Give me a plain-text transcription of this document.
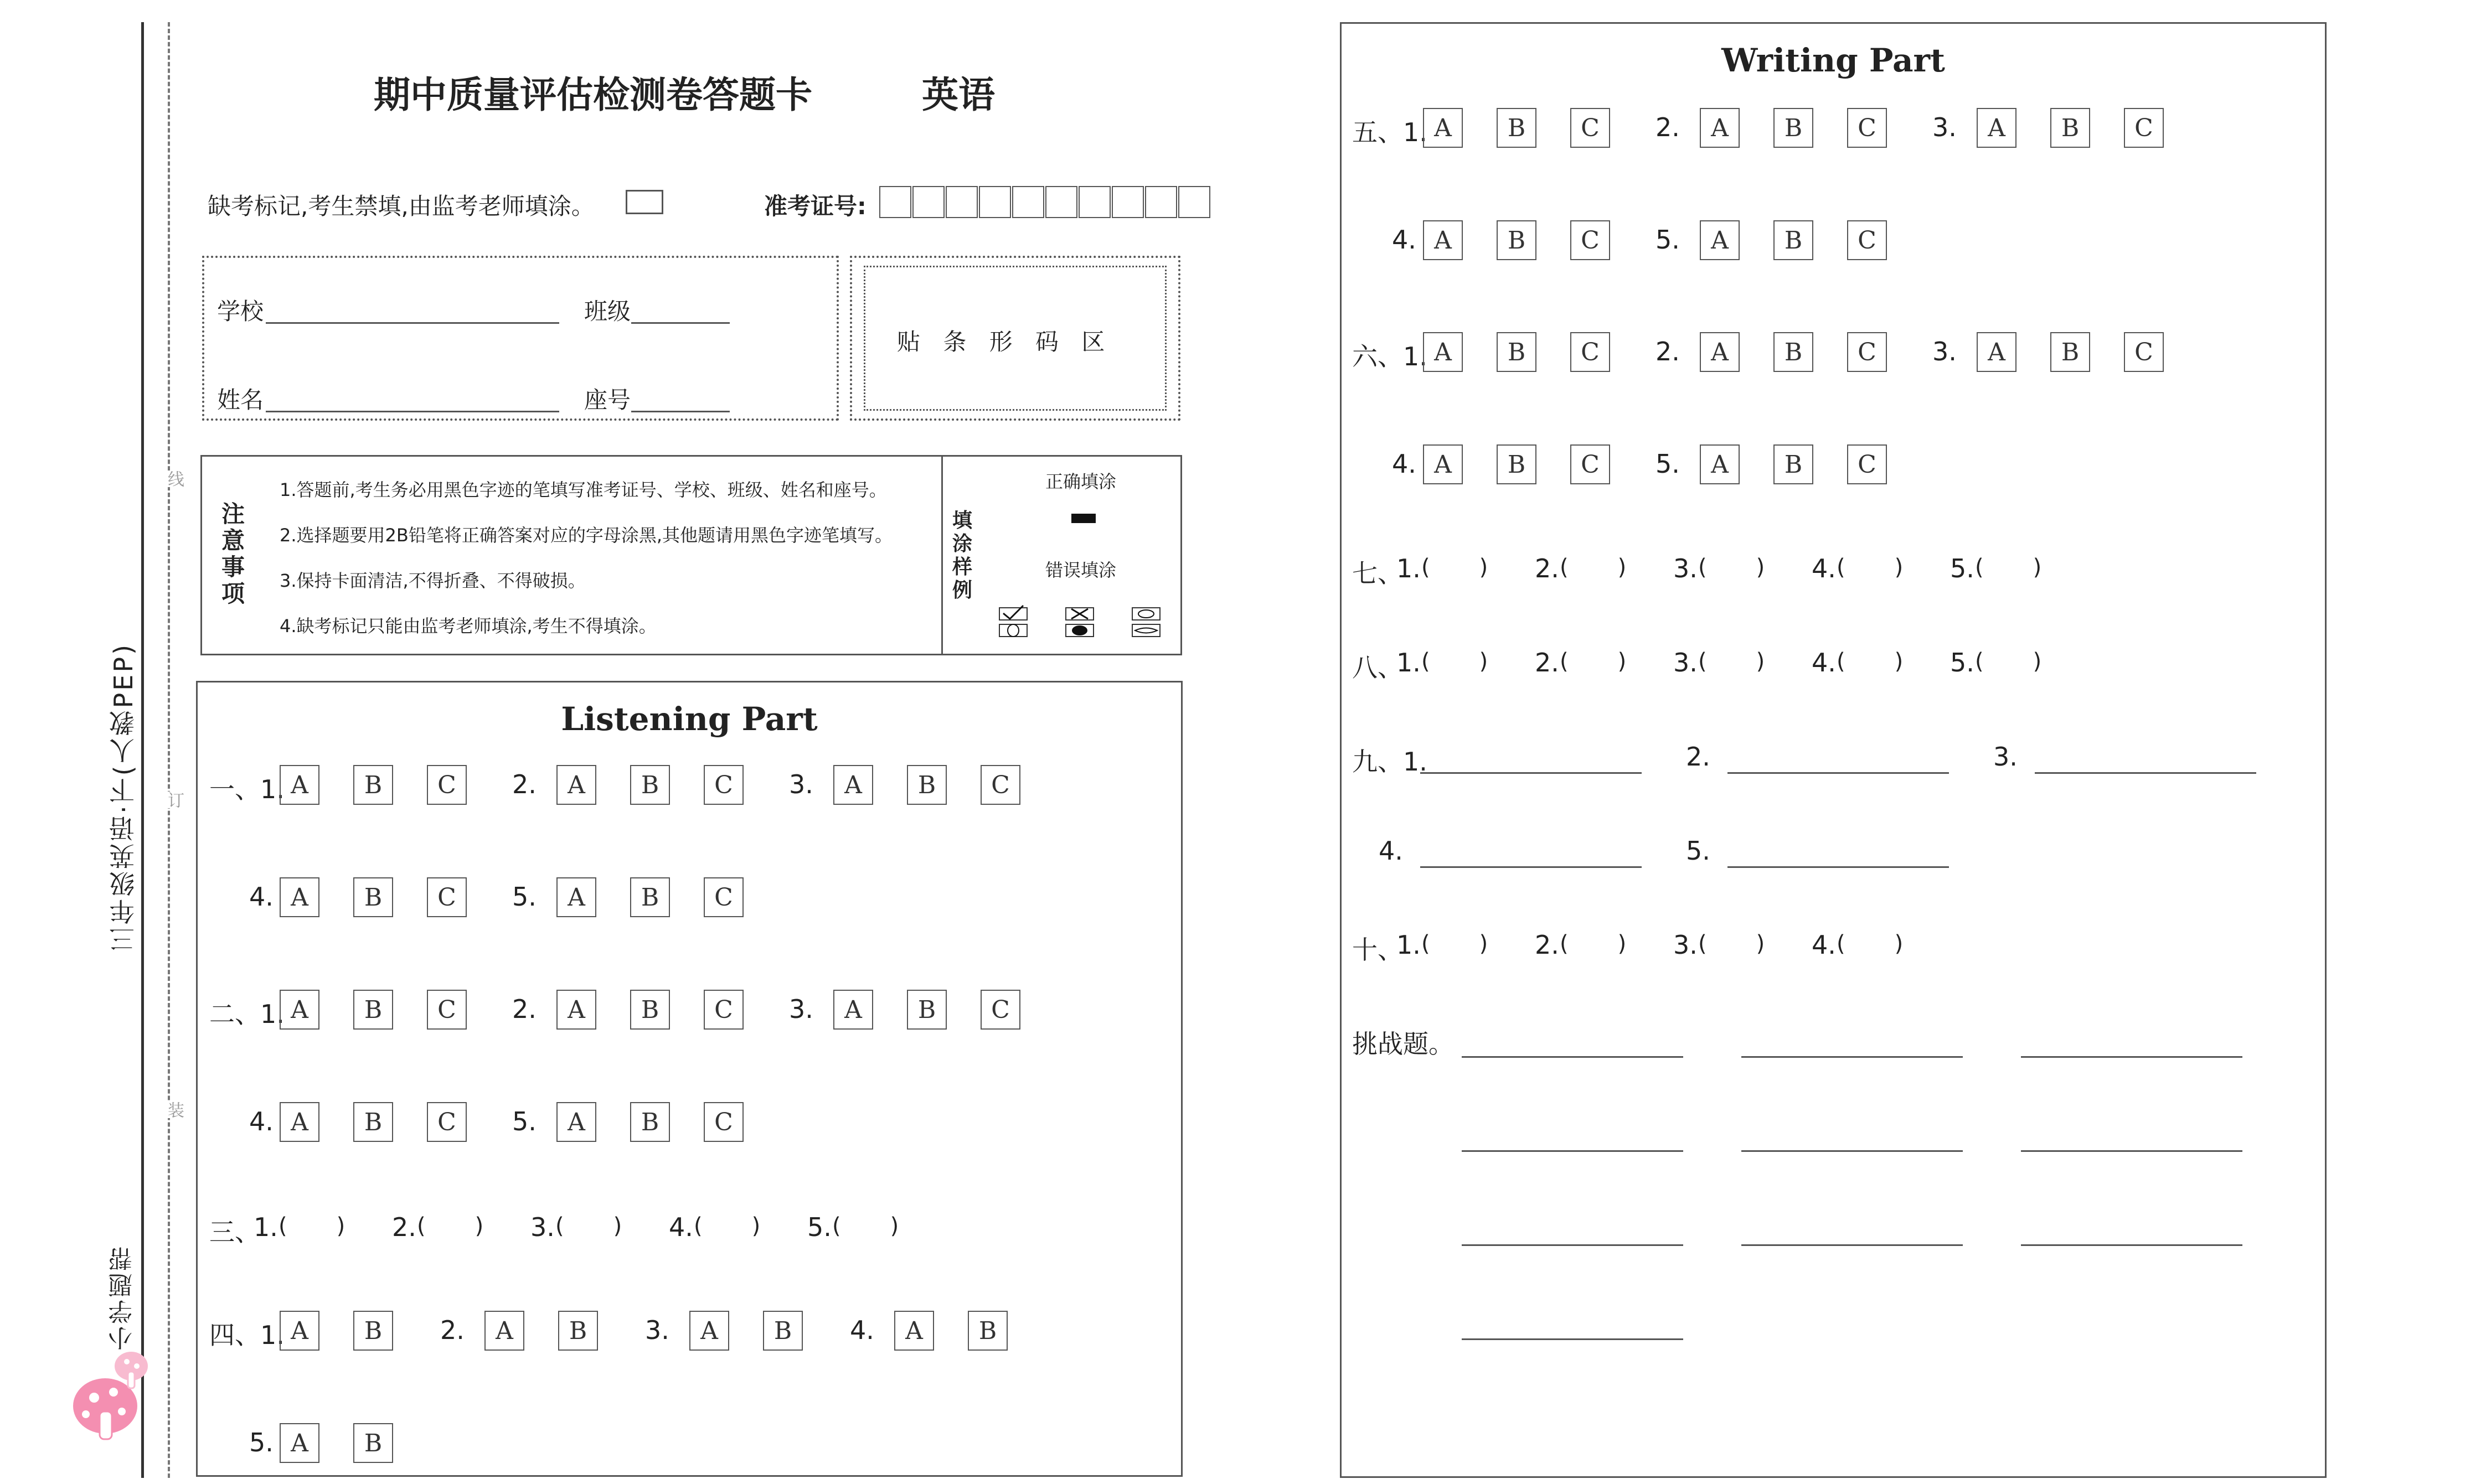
线
订
装
三年级英语·下(人教PEP)
小学题帮
期中质量评估检测卷答题卡	英语
缺考标记,考生禁填,由监考老师填涂。	准考证号:
学校	班级
姓名	座号
贴 条 形 码 区
注意事项
1.答题前,考生务必用黑色字迹的笔填写准考证号、学校、班级、姓名和座号。
2.选择题要用2B铅笔将正确答案对应的字母涂黑,其他题请用黑色字迹笔填写。
3.保持卡面清洁,不得折叠、不得破损。
4.缺考标记只能由监考老师填涂,考生不得填涂。
填涂样例
正确填涂
错误填涂
Listening Part
一、1. A	B	C	2.	A	B	C	3.	A	B	C
4. A	B	C	5.	A	B	C
二、1. A	B	C	2.	A	B	C	3.	A	B	C
4. A	B	C	5.	A	B	C
三、
1. (       ) 2. (       ) 3. (       ) 4. (       ) 5. (       )
四、1. A	B	2.	A	B	3.	A	B	4.	A	B
5. A	B
Writing Part
五、1. A	B	C	2.	A	B	C	3.	A	B	C
4. A	B	C	5.	A	B	C
六、1. A	B	C	2.	A	B	C	3.	A	B	C
4. A	B	C	5.	A	B	C
七、
1. (       ) 2. (       ) 3. (       ) 4. (       ) 5. (       )
八、
1. (       ) 2. (       ) 3. (       ) 4. (       ) 5. (       )
九、1.	2.	3.
4.	5.
十、
1. (       ) 2. (       ) 3. (       ) 4. (       )
挑战题。
